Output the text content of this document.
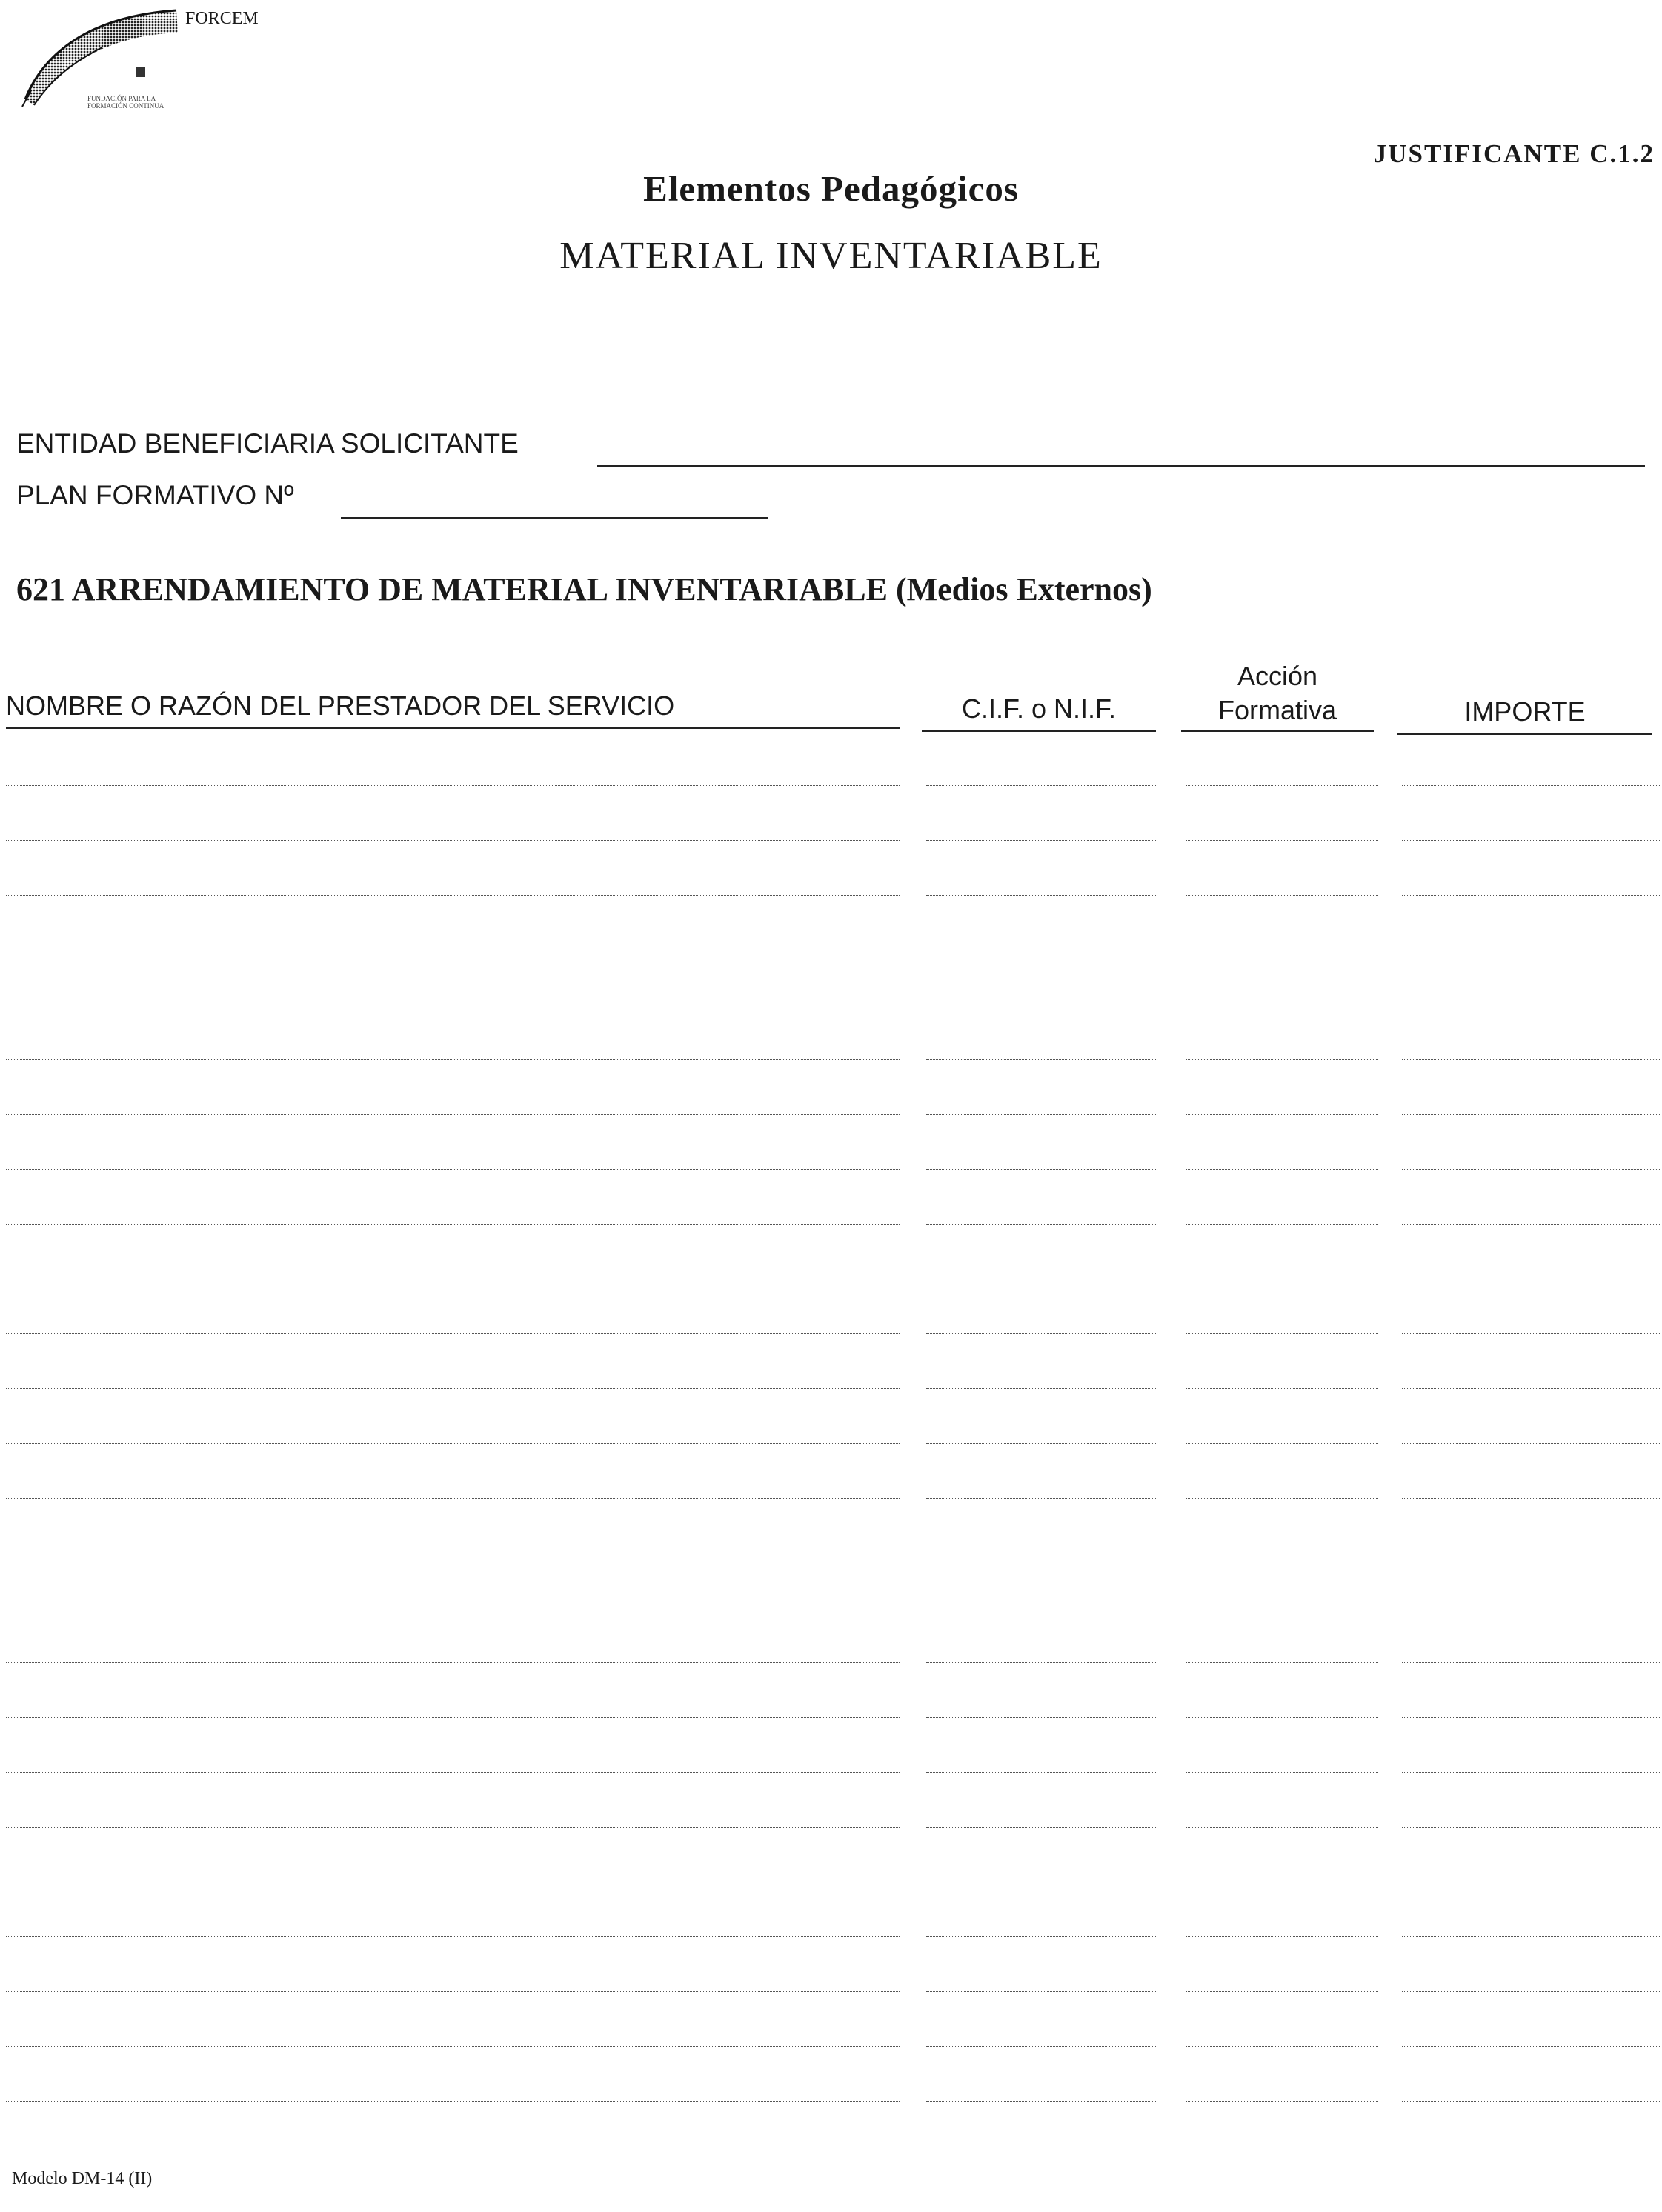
FORCEM
FUNDACIÓN PARA LA FORMACIÓN CONTINUA
JUSTIFICANTE C.1.2
Elementos Pedagógicos
MATERIAL INVENTARIABLE
ENTIDAD BENEFICIARIA SOLICITANTE
PLAN FORMATIVO Nº
621 ARRENDAMIENTO DE MATERIAL INVENTARIABLE (Medios Externos)
NOMBRE O RAZÓN DEL PRESTADOR DEL SERVICIO	C.I.F. o N.I.F.
Acción
Formativa	IMPORTE
Modelo DM-14 (II)
